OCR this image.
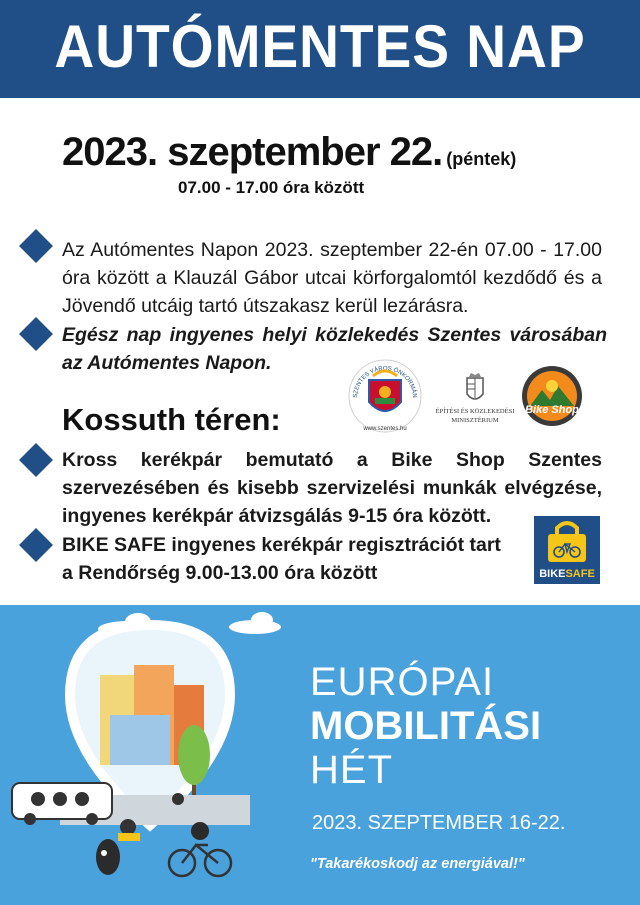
AUTÓMENTES NAP
2023. szeptember 22. (péntek)
07.00 - 17.00 óra között
Az Autómentes Napon 2023. szeptember 22-én 07.00 - 17.00 óra között a Klauzál Gábor utcai körforgalomtól kezdődő és a Jövendő utcáig tartó útszakasz kerül lezárásra.
Egész nap ingyenes helyi közlekedés Szentes városában az Autómentes Napon.
SZENTES VÁROS ÖNKORMÁN
www.szentes.hu
ÉPÍTÉSI ÉS KÖZLEKEDÉSI
MINISZTÉRIUM
Bike Shop
Kossuth téren:
Kross kerékpár bemutató a Bike Shop Szentes szervezésében és kisebb szervizelési munkák elvégzése, ingyenes kerékpár átvizsgálás 9-15 óra között.
BIKE SAFE ingyenes kerékpár regisztrációt tart a Rendőrség 9.00-13.00 óra között	BIKESAFE
EURÓPAI
MOBILITÁSI
HÉT
2023. SZEPTEMBER 16-22.
"Takarékoskodj az energiával!"
